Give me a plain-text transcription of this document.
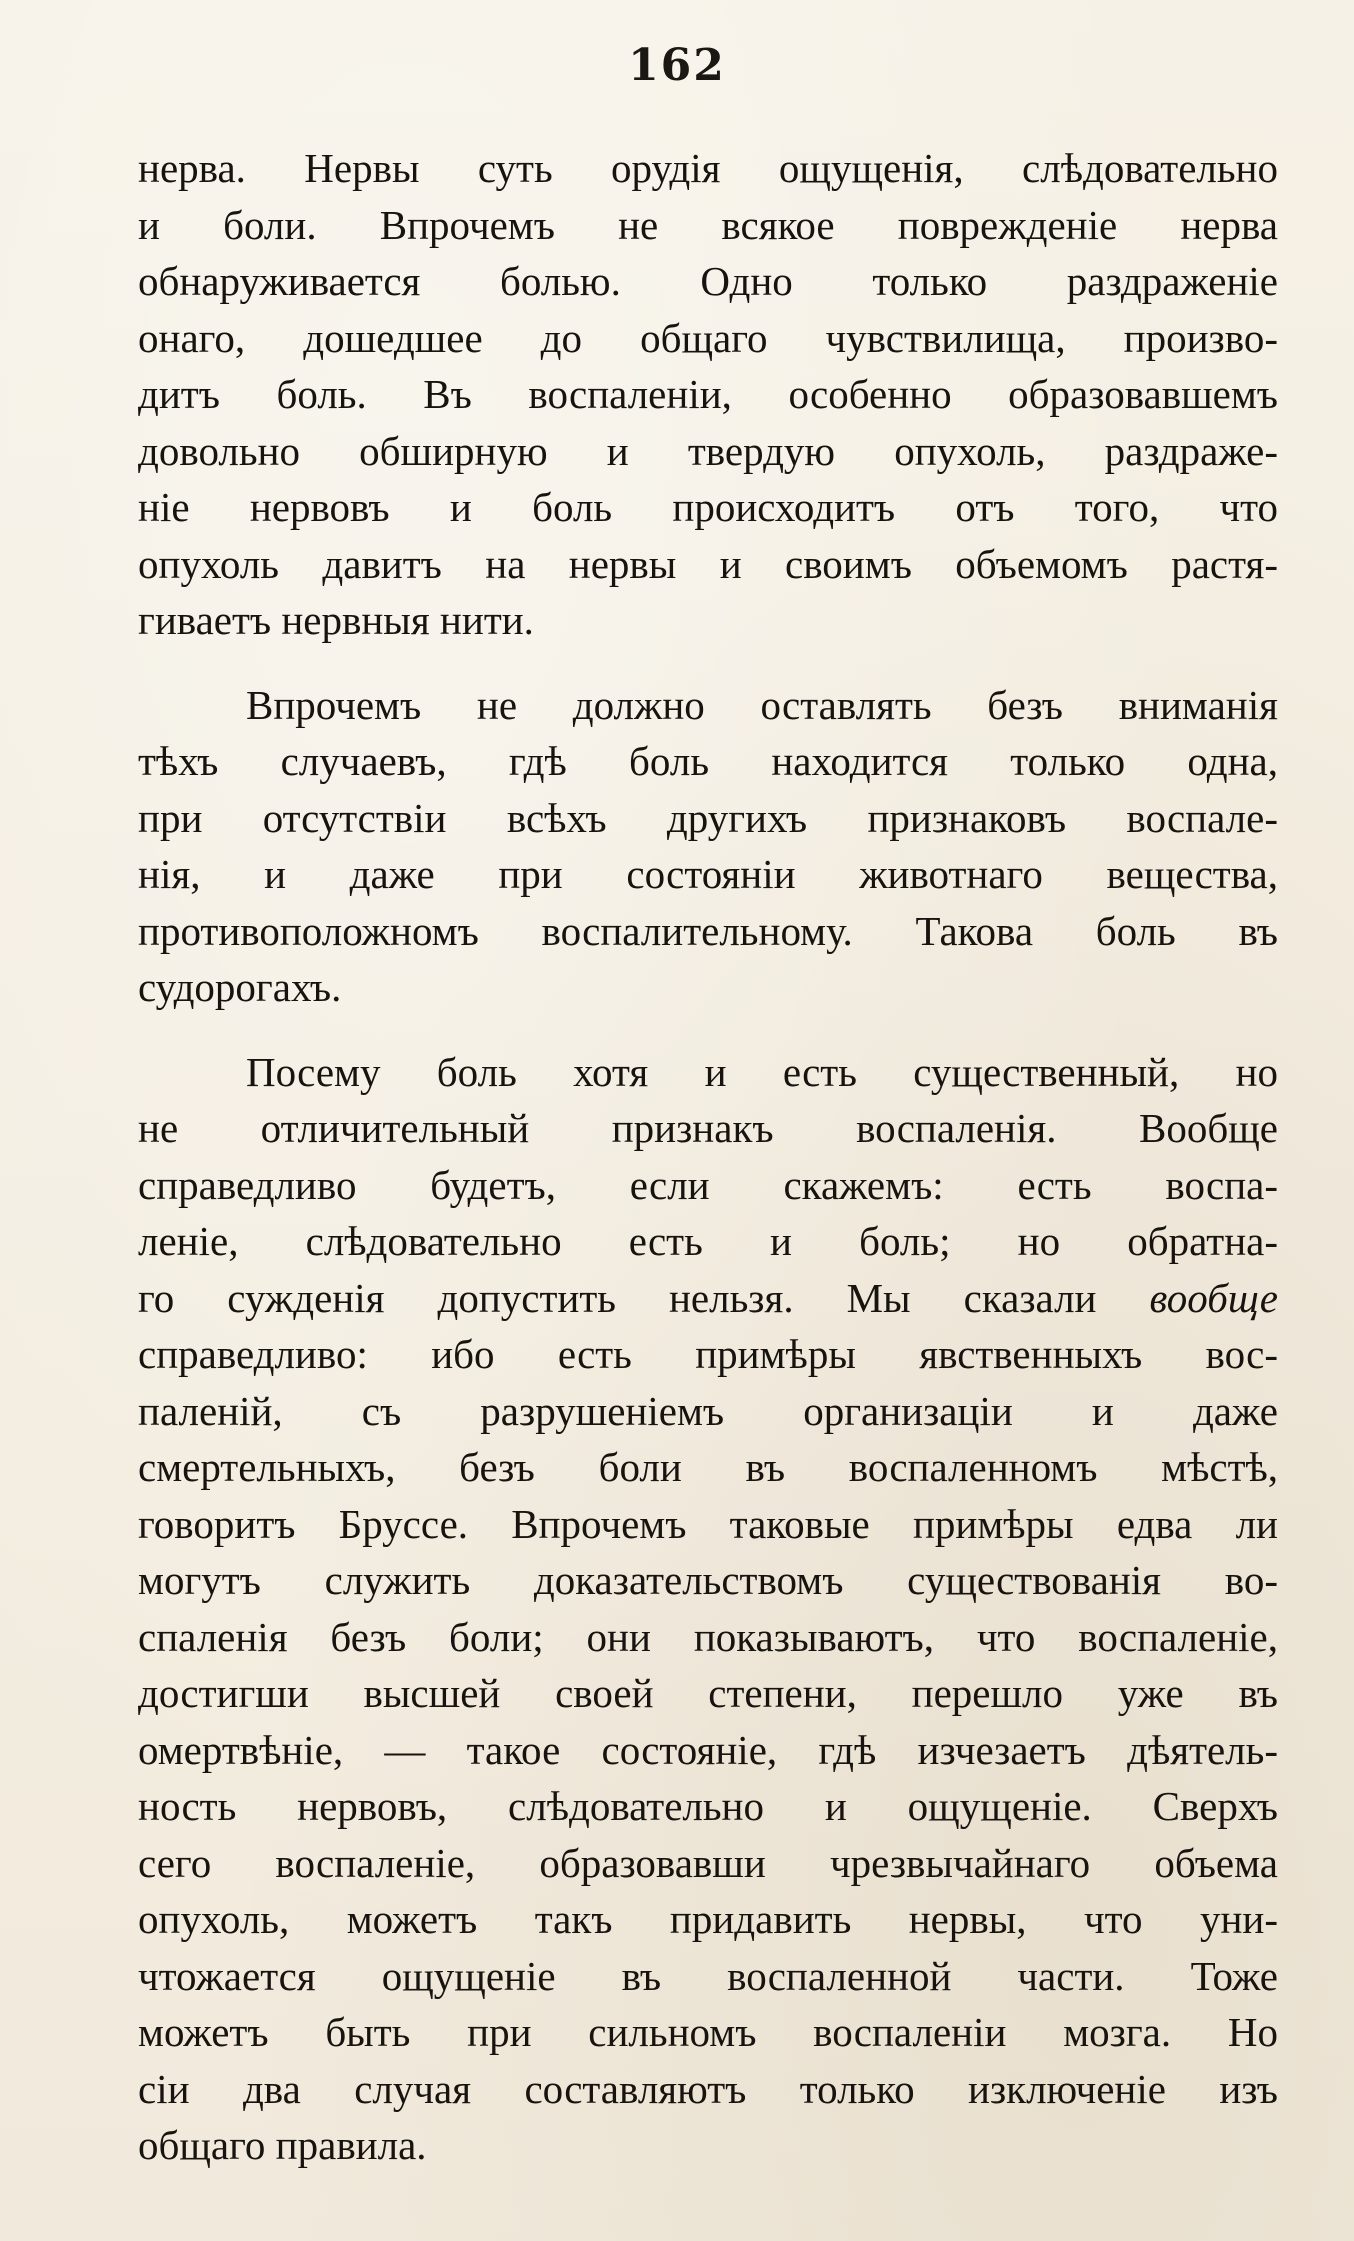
162

нерва. Нервы суть орудія ощущенія, слѣдовательно
и боли. Впрочемъ не всякое поврежденіе нерва
обнаруживается болью. Одно только раздраженіе
онаго, дошедшее до общаго чувствилища, произво-
дитъ боль. Въ воспаленіи, особенно образовавшемъ
довольно обширную и твердую опухоль, раздраже-
ніе нервовъ и боль происходитъ отъ того, что
опухоль давитъ на нервы и своимъ объемомъ растя-
гиваетъ нервныя нити.

Впрочемъ не должно оставлять безъ вниманія
тѣхъ случаевъ, гдѣ боль находится только одна,
при отсутствіи всѣхъ другихъ признаковъ воспале-
нія, и даже при состояніи животнаго вещества,
противоположномъ воспалительному. Такова боль въ
судорогахъ.

Посему боль хотя и есть существенный, но
не отличительный признакъ воспаленія. Вообще
справедливо будетъ, если скажемъ: есть воспа-
леніе, слѣдовательно есть и боль; но обратна-
го сужденія допустить нельзя. Мы сказали вообще
справедливо: ибо есть примѣры явственныхъ вос-
паленій, съ разрушеніемъ организаціи и даже
смертельныхъ, безъ боли въ воспаленномъ мѣстѣ,
говоритъ Бруссе. Впрочемъ таковые примѣры едва ли
могутъ служить доказательствомъ существованія во-
спаленія безъ боли; они показываютъ, что воспаленіе,
достигши высшей своей степени, перешло уже въ
омертвѣніе, — такое состояніе, гдѣ изчезаетъ дѣятель-
ность нервовъ, слѣдовательно и ощущеніе. Сверхъ
сего воспаленіе, образовавши чрезвычайнаго объема
опухоль, можетъ такъ придавить нервы, что уни-
чтожается ощущеніе въ воспаленной части. Тоже
можетъ быть при сильномъ воспаленіи мозга. Но
сіи два случая составляютъ только изключеніе изъ
общаго правила.
